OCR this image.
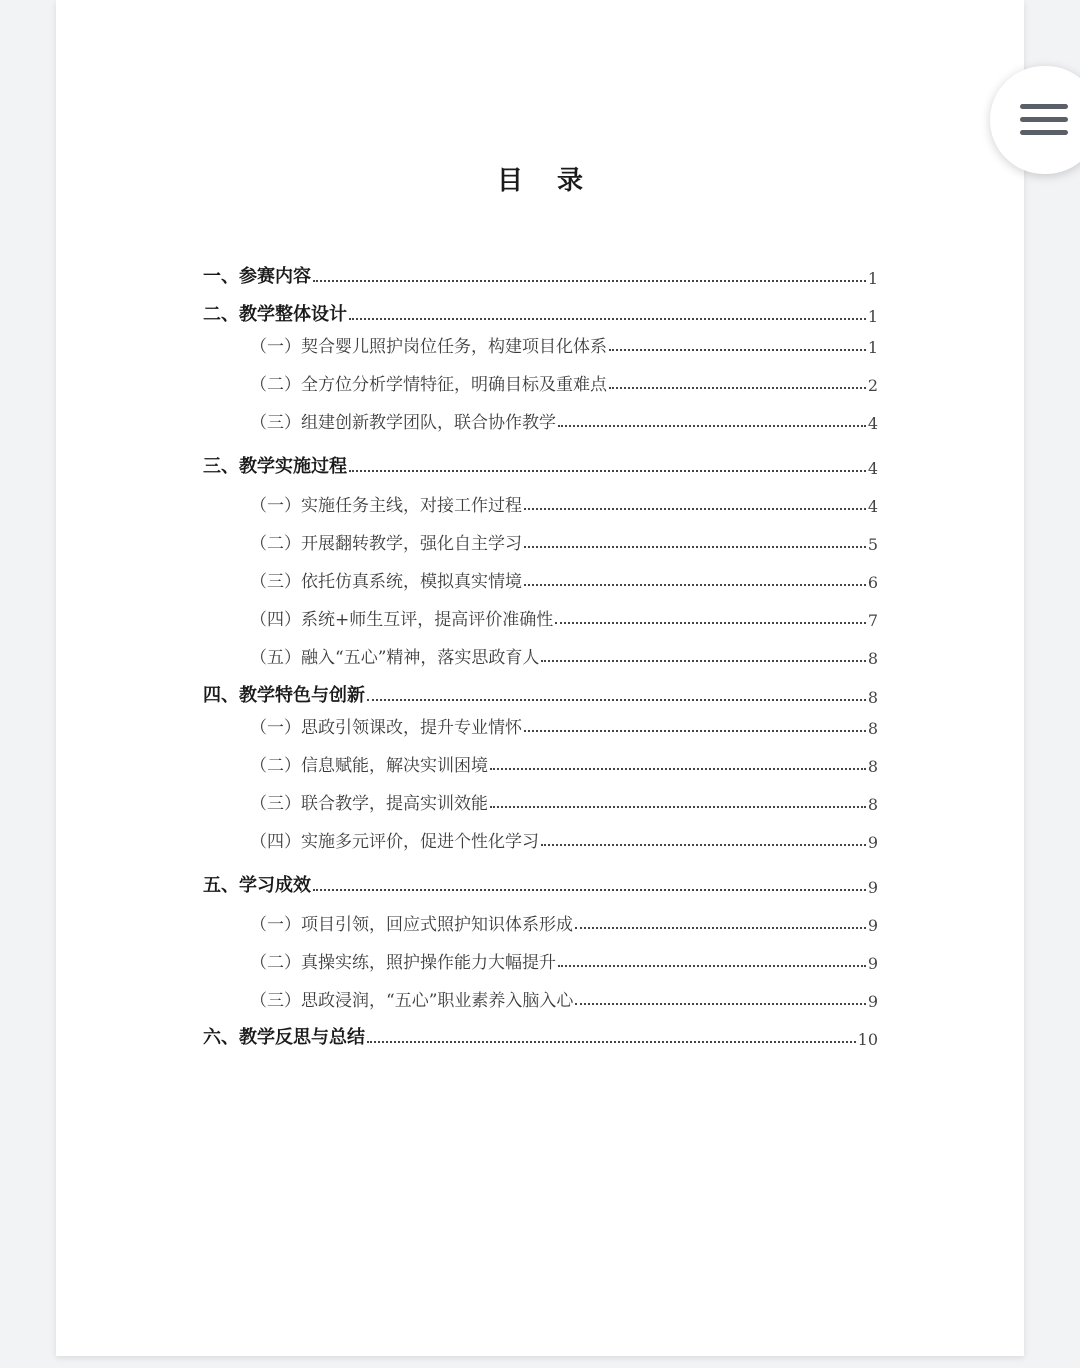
目录
一、参赛内容	1
二、教学整体设计	1
（一）契合婴儿照护岗位任务，构建项目化体系	1
（二）全方位分析学情特征，明确目标及重难点	2
（三）组建创新教学团队，联合协作教学	4
三、教学实施过程	4
（一）实施任务主线，对接工作过程	4
（二）开展翻转教学，强化自主学习	5
（三）依托仿真系统，模拟真实情境	6
（四）系统+师生互评，提高评价准确性	7
（五）融入“五心”精神，落实思政育人	8
四、教学特色与创新	8
（一）思政引领课改，提升专业情怀	8
（二）信息赋能，解决实训困境	8
（三）联合教学，提高实训效能	8
（四）实施多元评价，促进个性化学习	9
五、学习成效	9
（一）项目引领，回应式照护知识体系形成	9
（二）真操实练，照护操作能力大幅提升	9
（三）思政浸润，“五心”职业素养入脑入心	9
六、教学反思与总结	10
